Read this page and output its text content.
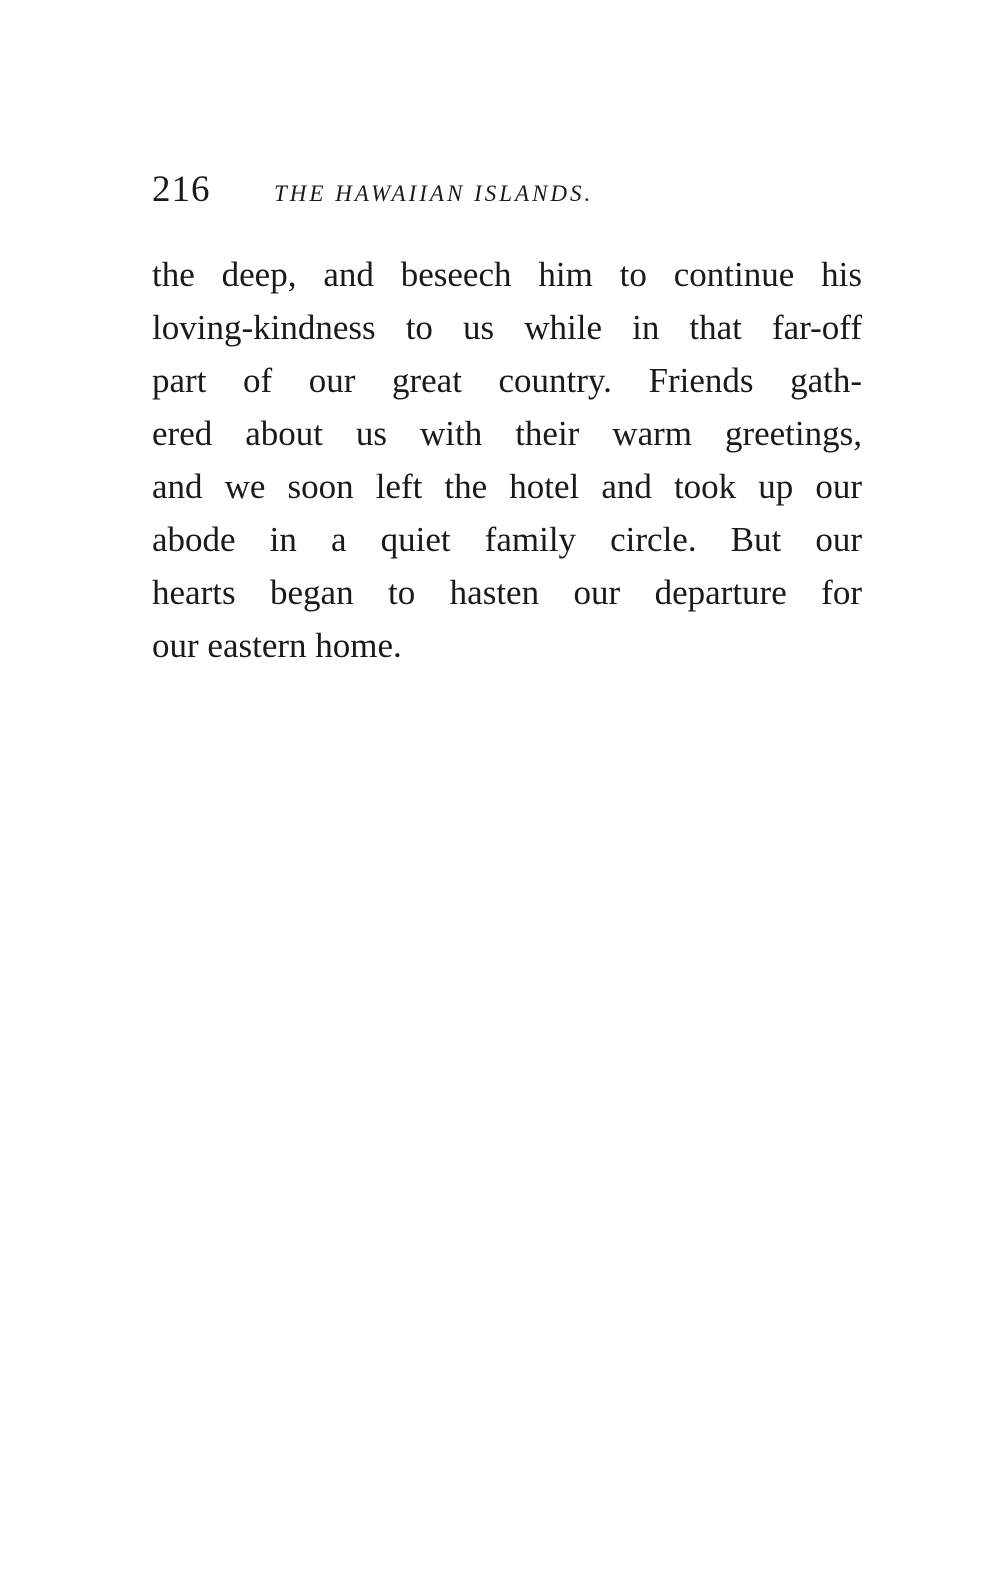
216	THE HAWAIIAN ISLANDS.
the deep, and beseech him to continue his
loving-kindness to us while in that far-off
part of our great country. Friends gath-
ered about us with their warm greetings,
and we soon left the hotel and took up our
abode in a quiet family circle. But our
hearts began to hasten our departure for
our eastern home.
